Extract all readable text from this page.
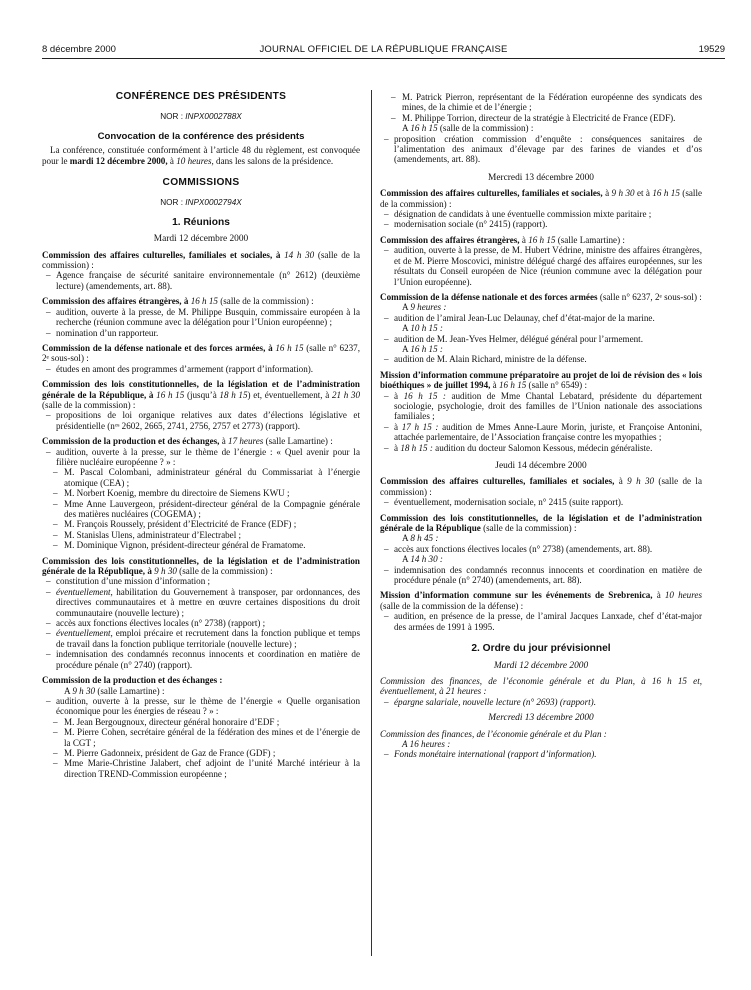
8 décembre 2000	JOURNAL OFFICIEL DE LA RÉPUBLIQUE FRANÇAISE	19529

CONFÉRENCE DES PRÉSIDENTS

NOR : INPX0002788X

Convocation de la conférence des présidents

La conférence, constituée conformément à l’article 48 du règlement, est convoquée pour le mardi 12 décembre 2000, à 10 heures, dans les salons de la présidence.

COMMISSIONS

NOR : INPX0002794X

1. Réunions

Mardi 12 décembre 2000

Commission des affaires culturelles, familiales et sociales, à 14 h 30 (salle de la commission) :

– Agence française de sécurité sanitaire environnementale (n° 2612) (deuxième lecture) (amendements, art. 88).

Commission des affaires étrangères, à 16 h 15 (salle de la commission) :

– audition, ouverte à la presse, de M. Philippe Busquin, commissaire européen à la recherche (réunion commune avec la délégation pour l’Union européenne) ;
– nomination d’un rapporteur.

Commission de la défense nationale et des forces armées, à 16 h 15 (salle n° 6237, 2ᵉ sous-sol) :

– études en amont des programmes d’armement (rapport d’information).

Commission des lois constitutionnelles, de la législation et de l’administration générale de la République, à 16 h 15 (jusqu’à 18 h 15) et, éventuellement, à 21 h 30 (salle de la commission) :

– propositions de loi organique relatives aux dates d’élections législative et présidentielle (nᵒˢ 2602, 2665, 2741, 2756, 2757 et 2773) (rapport).

Commission de la production et des échanges, à 17 heures (salle Lamartine) :

– audition, ouverte à la presse, sur le thème de l’énergie : « Quel avenir pour la filière nucléaire européenne ? » :
– M. Pascal Colombani, administrateur général du Commissariat à l’énergie atomique (CEA) ;
– M. Norbert Koenig, membre du directoire de Siemens KWU ;
– Mme Anne Lauvergeon, président-directeur général de la Compagnie générale des matières nucléaires (COGEMA) ;
– M. François Roussely, président d’Electricité de France (EDF) ;
– M. Stanislas Ulens, administrateur d’Electrabel ;
– M. Dominique Vignon, président-directeur général de Framatome.

Commission des lois constitutionnelles, de la législation et de l’administration générale de la République, à 9 h 30 (salle de la commission) :

– constitution d’une mission d’information ;
– éventuellement, habilitation du Gouvernement à transposer, par ordonnances, des directives communautaires et à mettre en œuvre certaines dispositions du droit communautaire (nouvelle lecture) ;
– accès aux fonctions électives locales (n° 2738) (rapport) ;
– éventuellement, emploi précaire et recrutement dans la fonction publique et temps de travail dans la fonction publique territoriale (nouvelle lecture) ;
– indemnisation des condamnés reconnus innocents et coordination en matière de procédure pénale (n° 2740) (rapport).

Commission de la production et des échanges :

A 9 h 30 (salle Lamartine) :

– audition, ouverte à la presse, sur le thème de l’énergie « Quelle organisation économique pour les énergies de réseau ? » :
– M. Jean Bergougnoux, directeur général honoraire d’EDF ;
– M. Pierre Cohen, secrétaire général de la fédération des mines et de l’énergie de la CGT ;
– M. Pierre Gadonneix, président de Gaz de France (GDF) ;
– Mme Marie-Christine Jalabert, chef adjoint de l’unité Marché intérieur à la direction TREND-Commission européenne ;
– M. Patrick Pierron, représentant de la Fédération européenne des syndicats des mines, de la chimie et de l’énergie ;
– M. Philippe Torrion, directeur de la stratégie à Electricité de France (EDF).

A 16 h 15 (salle de la commission) :

– proposition création commission d’enquête : conséquences sanitaires de l’alimentation des animaux d’élevage par des farines de viandes et d’os (amendements, art. 88).

Mercredi 13 décembre 2000

Commission des affaires culturelles, familiales et sociales, à 9 h 30 et à 16 h 15 (salle de la commission) :

– désignation de candidats à une éventuelle commission mixte paritaire ;
– modernisation sociale (n° 2415) (rapport).

Commission des affaires étrangères, à 16 h 15 (salle Lamartine) :

– audition, ouverte à la presse, de M. Hubert Védrine, ministre des affaires étrangères, et de M. Pierre Moscovici, ministre délégué chargé des affaires européennes, sur les résultats du Conseil européen de Nice (réunion commune avec la délégation pour l’Union européenne).

Commission de la défense nationale et des forces armées (salle n° 6237, 2ᵉ sous-sol) :

A 9 heures :

– audition de l’amiral Jean-Luc Delaunay, chef d’état-major de la marine.

A 10 h 15 :

– audition de M. Jean-Yves Helmer, délégué général pour l’armement.

A 16 h 15 :

– audition de M. Alain Richard, ministre de la défense.

Mission d’information commune préparatoire au projet de loi de révision des « lois bioéthiques » de juillet 1994, à 16 h 15 (salle n° 6549) :

– à 16 h 15 : audition de Mme Chantal Lebatard, présidente du département sociologie, psychologie, droit des familles de l’Union nationale des associations familiales ;
– à 17 h 15 : audition de Mmes Anne-Laure Morin, juriste, et Françoise Antonini, attachée parlementaire, de l’Association française contre les myopathies ;
– à 18 h 15 : audition du docteur Salomon Kessous, médecin généraliste.

Jeudi 14 décembre 2000

Commission des affaires culturelles, familiales et sociales, à 9 h 30 (salle de la commission) :

– éventuellement, modernisation sociale, n° 2415 (suite rapport).

Commission des lois constitutionnelles, de la législation et de l’administration générale de la République (salle de la commission) :

A 8 h 45 :

– accès aux fonctions électives locales (n° 2738) (amendements, art. 88).

A 14 h 30 :

– indemnisation des condamnés reconnus innocents et coordination en matière de procédure pénale (n° 2740) (amendements, art. 88).

Mission d’information commune sur les événements de Srebrenica, à 10 heures (salle de la commission de la défense) :

– audition, en présence de la presse, de l’amiral Jacques Lanxade, chef d’état-major des armées de 1991 à 1995.

2. Ordre du jour prévisionnel

Mardi 12 décembre 2000

Commission des finances, de l’économie générale et du Plan, à 16 h 15 et, éventuellement, à 21 heures :

– épargne salariale, nouvelle lecture (n° 2693) (rapport).

Mercredi 13 décembre 2000

Commission des finances, de l’économie générale et du Plan :

A 16 heures :

– Fonds monétaire international (rapport d’information).
